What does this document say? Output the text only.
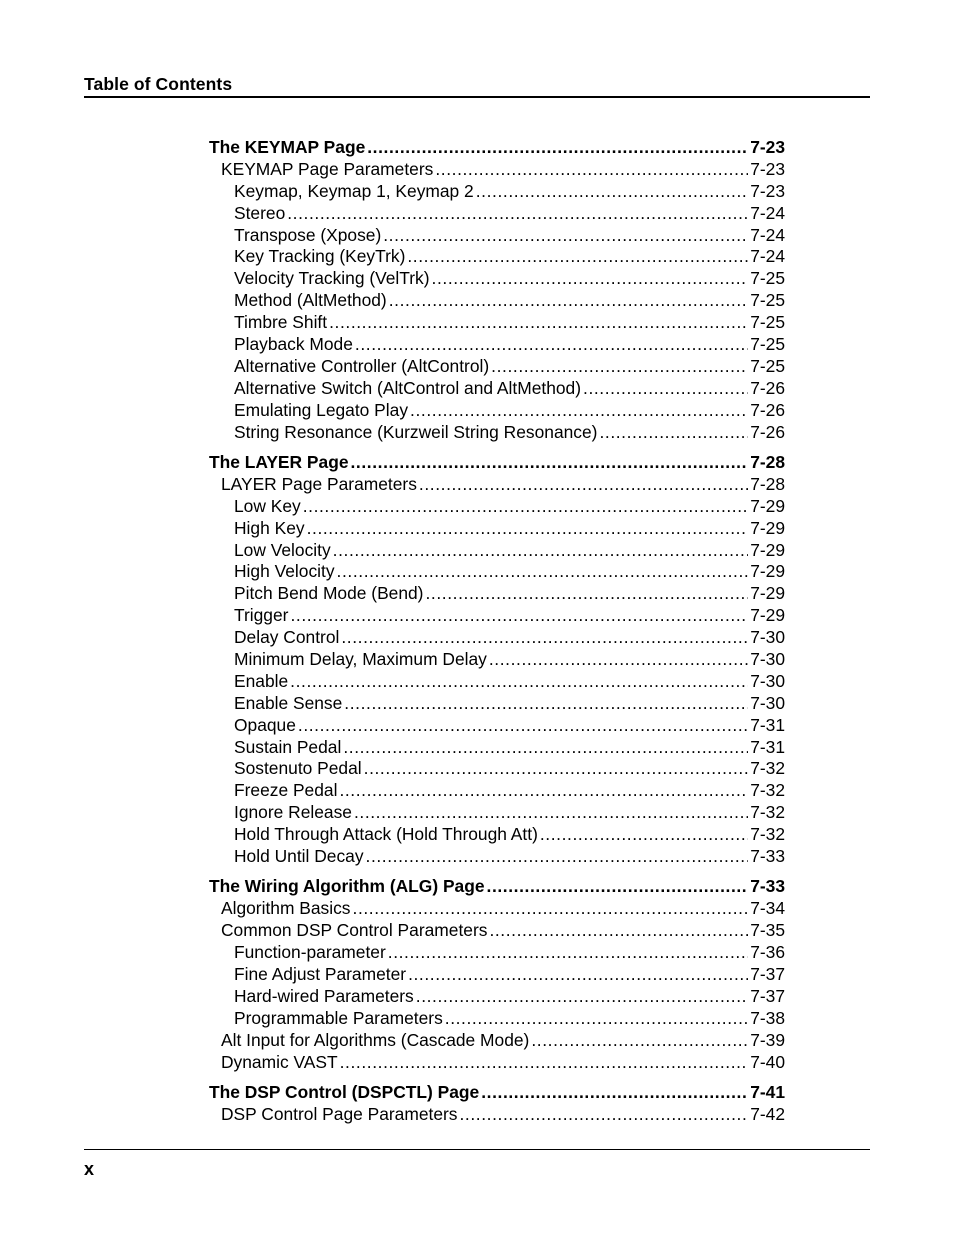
Table of Contents
The KEYMAP Page .....	7-23
KEYMAP Page Parameters .....	7-23
Keymap, Keymap 1, Keymap 2 .....	7-23
Stereo .....	7-24
Transpose (Xpose) .....	7-24
Key Tracking (KeyTrk) .....	7-24
Velocity Tracking (VelTrk) .....	7-25
Method (AltMethod) .....	7-25
Timbre Shift .....	7-25
Playback Mode .....	7-25
Alternative Controller (AltControl) .....	7-25
Alternative Switch (AltControl and AltMethod) .....	7-26
Emulating Legato Play .....	7-26
String Resonance (Kurzweil String Resonance) .....	7-26
The LAYER Page .....	7-28
LAYER Page Parameters .....	7-28
Low Key .....	7-29
High Key .....	7-29
Low Velocity .....	7-29
High Velocity .....	7-29
Pitch Bend Mode (Bend) .....	7-29
Trigger .....	7-29
Delay Control .....	7-30
Minimum Delay, Maximum Delay .....	7-30
Enable .....	7-30
Enable Sense .....	7-30
Opaque .....	7-31
Sustain Pedal .....	7-31
Sostenuto Pedal .....	7-32
Freeze Pedal .....	7-32
Ignore Release .....	7-32
Hold Through Attack (Hold Through Att) .....	7-32
Hold Until Decay .....	7-33
The Wiring Algorithm (ALG) Page .....	7-33
Algorithm Basics .....	7-34
Common DSP Control Parameters .....	7-35
Function-parameter .....	7-36
Fine Adjust Parameter .....	7-37
Hard-wired Parameters .....	7-37
Programmable Parameters .....	7-38
Alt Input for Algorithms (Cascade Mode) .....	7-39
Dynamic VAST .....	7-40
The DSP Control (DSPCTL) Page .....	7-41
DSP Control Page Parameters .....	7-42
x
